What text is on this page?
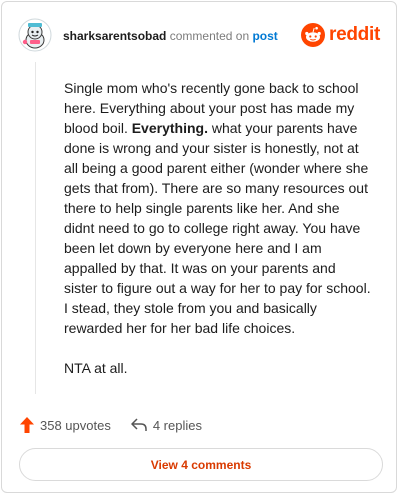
sharksarentsobad commented on post	reddit

Single mom who's recently gone back to school here. Everything about your post has made my blood boil. Everything. what your parents have done is wrong and your sister is honestly, not at all being a good parent either (wonder where she gets that from). There are so many resources out there to help single parents like her. And she didnt need to go to college right away. You have been let down by everyone here and I am appalled by that. It was on your parents and sister to figure out a way for her to pay for school. I stead, they stole from you and basically rewarded her for her bad life choices.

NTA at all.

358 upvotes	4 replies
View 4 comments
